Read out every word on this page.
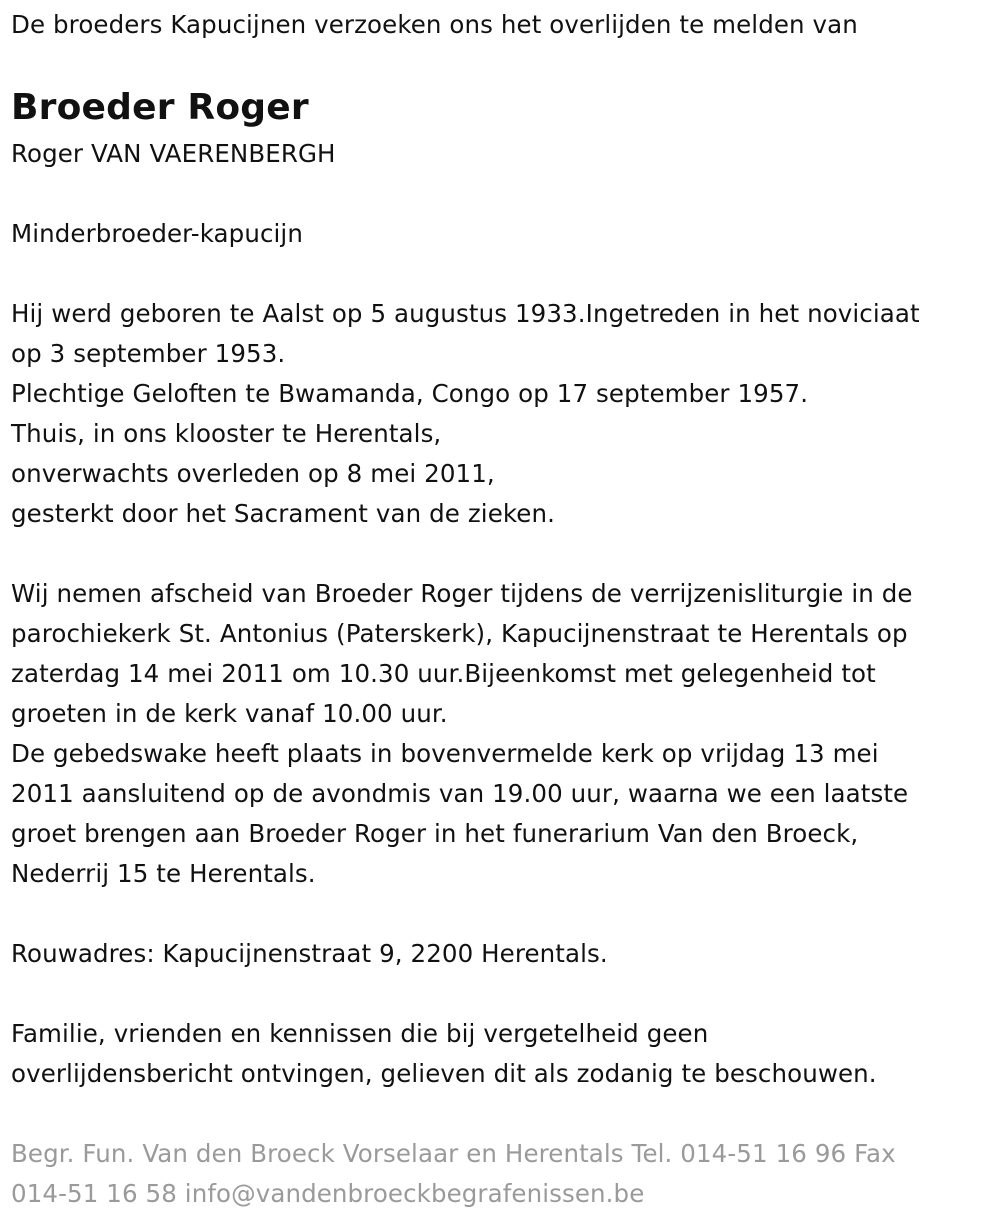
De broeders Kapucijnen verzoeken ons het overlijden te melden van
Broeder Roger
Roger VAN VAERENBERGH
Minderbroeder-kapucijn
Hij werd geboren te Aalst op 5 augustus 1933.Ingetreden in het noviciaat
op 3 september 1953.
Plechtige Geloften te Bwamanda, Congo op 17 september 1957.
Thuis, in ons klooster te Herentals,
onverwachts overleden op 8 mei 2011,
gesterkt door het Sacrament van de zieken.
Wij nemen afscheid van Broeder Roger tijdens de verrijzenisliturgie in de
parochiekerk St. Antonius (Paterskerk), Kapucijnenstraat te Herentals op
zaterdag 14 mei 2011 om 10.30 uur.Bijeenkomst met gelegenheid tot
groeten in de kerk vanaf 10.00 uur.
De gebedswake heeft plaats in bovenvermelde kerk op vrijdag 13 mei
2011 aansluitend op de avondmis van 19.00 uur, waarna we een laatste
groet brengen aan Broeder Roger in het funerarium Van den Broeck,
Nederrij 15 te Herentals.
Rouwadres: Kapucijnenstraat 9, 2200 Herentals.
Familie, vrienden en kennissen die bij vergetelheid geen
overlijdensbericht ontvingen, gelieven dit als zodanig te beschouwen.
Begr. Fun. Van den Broeck Vorselaar en Herentals Tel. 014-51 16 96 Fax
014-51 16 58 info@vandenbroeckbegrafenissen.be
